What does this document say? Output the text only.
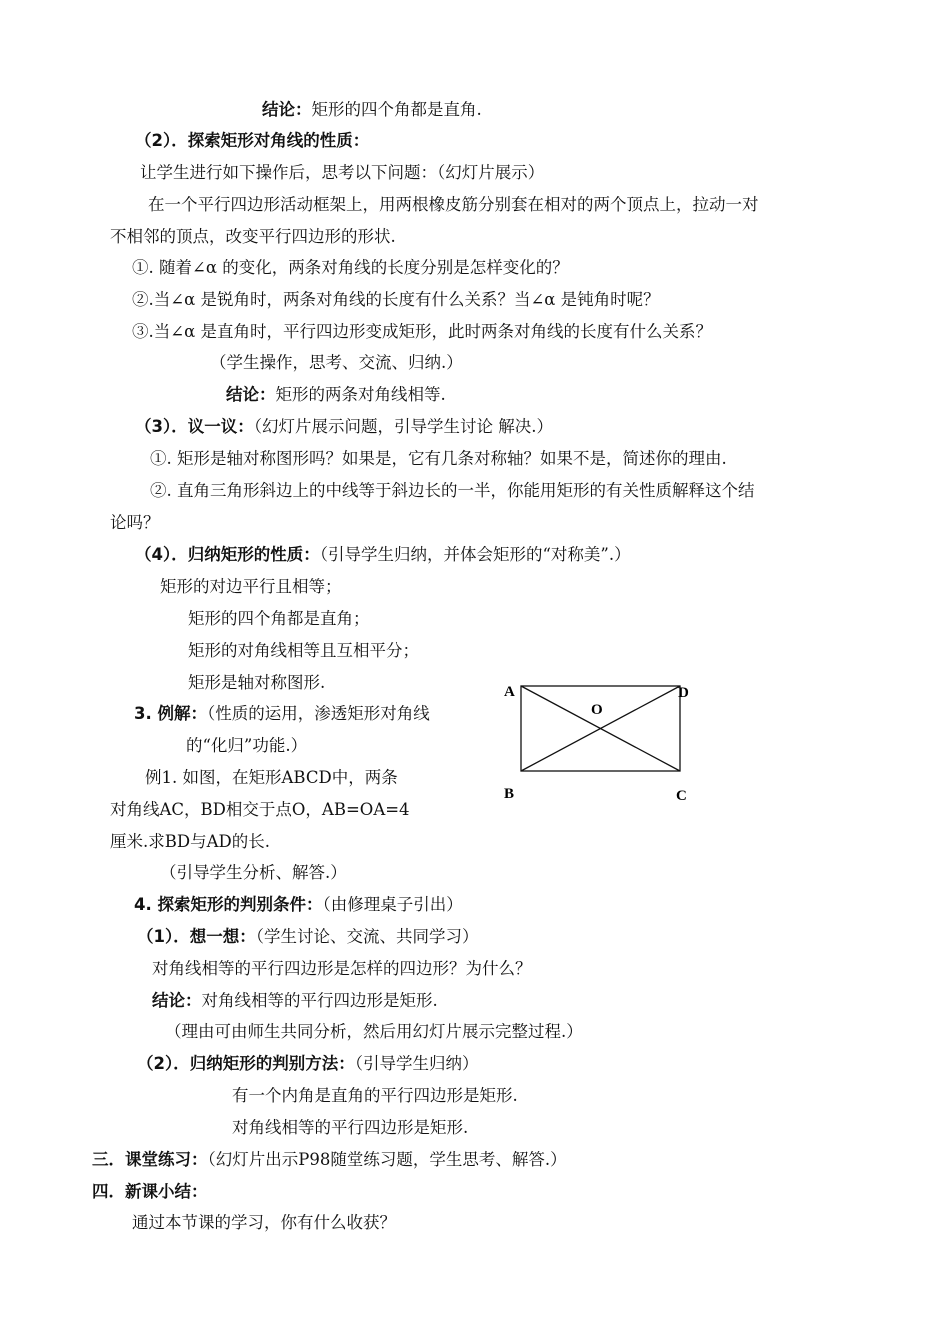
结论：矩形的四个角都是直角.
（2）．探索矩形对角线的性质：
让学生进行如下操作后，思考以下问题：（幻灯片展示）
在一个平行四边形活动框架上，用两根橡皮筋分别套在相对的两个顶点上，拉动一对
不相邻的顶点，改变平行四边形的形状.
①. 随着∠α 的变化，两条对角线的长度分别是怎样变化的？
②.当∠α 是锐角时，两条对角线的长度有什么关系？当∠α 是钝角时呢？
③.当∠α 是直角时，平行四边形变成矩形，此时两条对角线的长度有什么关系？
（学生操作，思考、交流、归纳.）
结论：矩形的两条对角线相等.
（3）．议一议：（幻灯片展示问题，引导学生讨论 解决.）
①. 矩形是轴对称图形吗？如果是，它有几条对称轴？如果不是，简述你的理由.
②. 直角三角形斜边上的中线等于斜边长的一半，你能用矩形的有关性质解释这个结
论吗？
（4）．归纳矩形的性质：（引导学生归纳，并体会矩形的“对称美”.）
矩形的对边平行且相等；
矩形的四个角都是直角；
矩形的对角线相等且互相平分；
矩形是轴对称图形.
3. 例解：（性质的运用，渗透矩形对角线
的“化归”功能.）
例1. 如图，在矩形ABCD中，两条
对角线AC，BD相交于点O，AB=OA=4
厘米.求BD与AD的长.
（引导学生分析、解答.）
4. 探索矩形的判别条件：（由修理桌子引出）
（1）．想一想：（学生讨论、交流、共同学习）
对角线相等的平行四边形是怎样的四边形？为什么？
结论：对角线相等的平行四边形是矩形.
（理由可由师生共同分析，然后用幻灯片展示完整过程.）
（2）．归纳矩形的判别方法：（引导学生归纳）
有一个内角是直角的平行四边形是矩形.
对角线相等的平行四边形是矩形.
三．课堂练习：（幻灯片出示P98随堂练习题，学生思考、解答.）
四．新课小结：
通过本节课的学习，你有什么收获？
A	D
O
B	C
